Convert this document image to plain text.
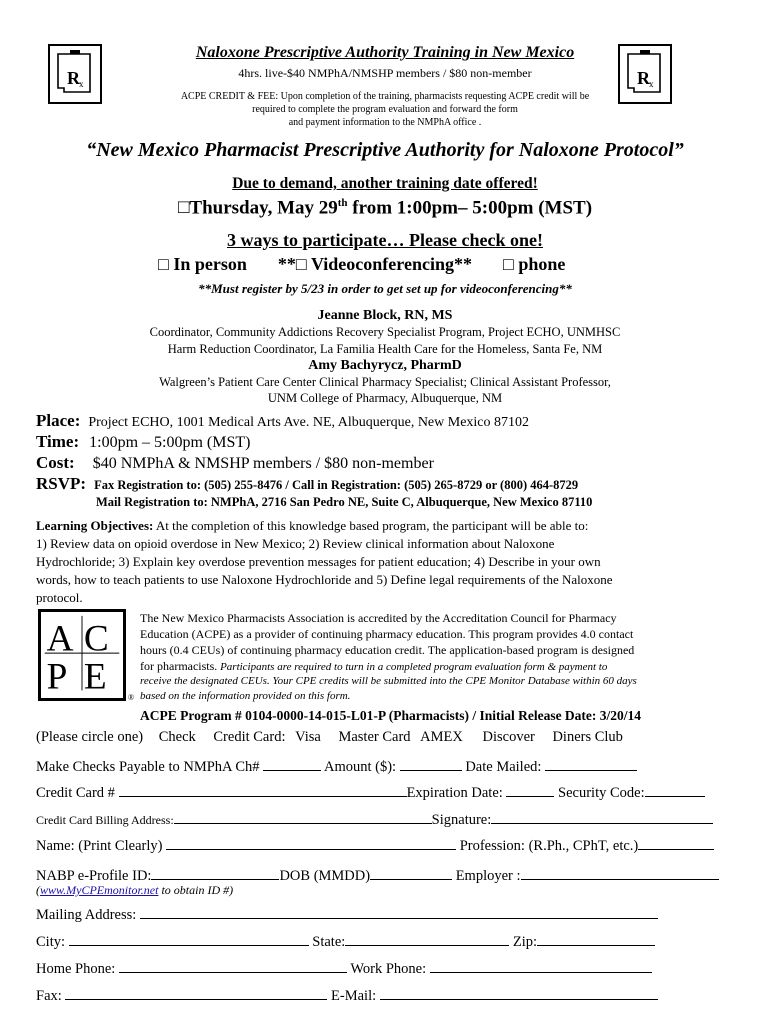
R x	R x
Naloxone Prescriptive Authority Training in New Mexico
4hrs. live-$40 NMPhA/NMSHP members / $80 non-member
ACPE CREDIT & FEE: Upon completion of the training, pharmacists requesting ACPE credit will be
required to complete the program evaluation and forward the form
and payment information to the NMPhA office .
“New Mexico Pharmacist Prescriptive Authority for Naloxone Protocol”
Due to demand, another training date offered!
□ Thursday, May 29th from 1:00pm– 5:00pm (MST)
3 ways to participate… Please check one!
□ In person ** □ Videoconferencing** □	phone
**Must register by 5/23 in order to get set up for videoconferencing**
Jeanne Block, RN, MS
Coordinator, Community Addictions Recovery Specialist Program, Project ECHO, UNMHSC
Harm Reduction Coordinator, La Familia Health Care for the Homeless, Santa Fe, NM
Amy Bachyrycz, PharmD
Walgreen’s Patient Care Center Clinical Pharmacy Specialist; Clinical Assistant Professor,
UNM College of Pharmacy, Albuquerque, NM
Place: Project ECHO, 1001 Medical Arts Ave. NE, Albuquerque, New Mexico 87102
Time: 1:00pm – 5:00pm (MST)
Cost: $40 NMPhA & NMSHP members / $80 non-member
RSVP: Fax Registration to: (505) 255-8476 / Call in Registration: (505) 265-8729 or (800) 464-8729
Mail Registration to: NMPhA, 2716 San Pedro NE, Suite C, Albuquerque, New Mexico 87110
Learning Objectives: At the completion of this knowledge based program, the participant will be able to:
1) Review data on opioid overdose in New Mexico; 2) Review clinical information about Naloxone
Hydrochloride; 3) Explain key overdose prevention messages for patient education; 4) Describe in your own
words, how to teach patients to use Naloxone Hydrochloride and 5) Define legal requirements of the Naloxone
protocol.
A C
P E	®
The New Mexico Pharmacists Association is accredited by the Accreditation Council for Pharmacy
Education (ACPE) as a provider of continuing pharmacy education. This program provides 4.0 contact
hours (0.4 CEUs) of continuing pharmacy education credit. The application-based program is designed
for pharmacists. Participants are required to turn in a completed program evaluation form & payment to
receive the designated CEUs. Your CPE credits will be submitted into the CPE Monitor Database within 60 days
based on the information provided on this form.
ACPE Program # 0104-0000-14-015-L01-P (Pharmacists) / Initial Release Date: 3/20/14
(Please circle one) Check Credit Card: Visa Master Card AMEX Discover Diners Club
Make Checks Payable to NMPhA Ch#	Amount ($):	Date Mailed:
Credit Card #	Expiration Date:	Security Code:
Credit Card Billing Address:	Signature:
Name: (Print Clearly)	Profession: (R.Ph., CPhT, etc.)
NABP e-Profile ID:	DOB (MMDD)	Employer :
(www.MyCPEmonitor.net to obtain ID #)
Mailing Address:
City:	State:	Zip:
Home Phone:	Work Phone:
Fax:	E-Mail:
